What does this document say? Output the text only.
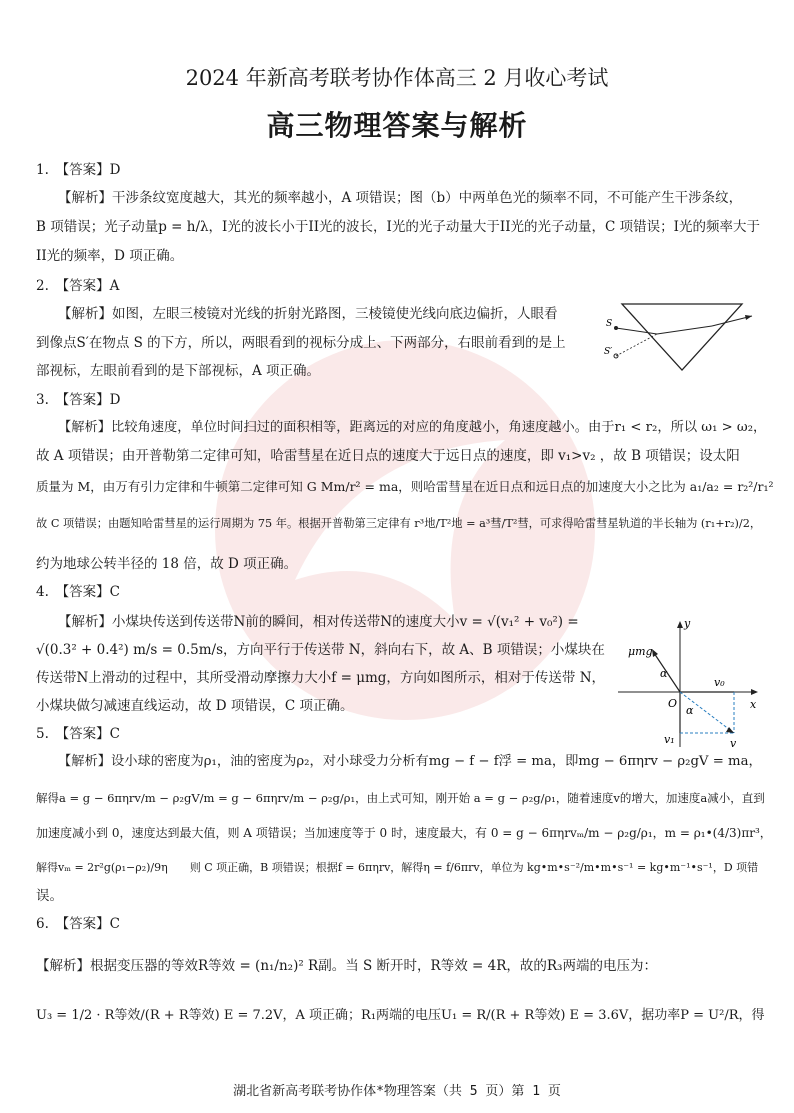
2024 年新高考联考协作体高三 2 月收心考试
高三物理答案与解析
1.　【答案】D
【解析】干涉条纹宽度越大，其光的频率越小，A 项错误；图（b）中两单色光的频率不同，不可能产生干涉条纹，
B 项错误；光子动量p = h/λ，I光的波长小于II光的波长，I光的光子动量大于II光的光子动量，C 项错误；I光的频率大于
II光的频率，D 项正确。
2.　【答案】A
【解析】如图，左眼三棱镜对光线的折射光路图，三棱镜使光线向底边偏折，人眼看
到像点S′在物点 S 的下方，所以，两眼看到的视标分成上、下两部分，右眼前看到的是上
部视标，左眼前看到的是下部视标，A 项正确。
S
S′
3.　【答案】D
【解析】比较角速度，单位时间扫过的面积相等，距离远的对应的角度越小，角速度越小。由于r₁ < r₂，所以 ω₁ > ω₂，
故 A 项错误；由开普勒第二定律可知，哈雷彗星在近日点的速度大于远日点的速度，即 v₁>v₂ ，故 B 项错误；设太阳
质量为 M，由万有引力定律和牛顿第二定律可知 G Mm/r² = ma，则哈雷彗星在近日点和远日点的加速度大小之比为 a₁/a₂ = r₂²/r₁²
故 C 项错误；由题知哈雷彗星的运行周期为 75 年。根据开普勒第三定律有 r³地/T²地 = a³彗/T²彗，可求得哈雷彗星轨道的半长轴为 (r₁+r₂)/2，
约为地球公转半径的 18 倍，故 D 项正确。
4.　【答案】C
【解析】小煤块传送到传送带N前的瞬间，相对传送带N的速度大小v = √(v₁² + v₀²) =
√(0.3² + 0.4²) m/s = 0.5m/s，方向平行于传送带 N，斜向右下，故 A、B 项错误；小煤块在
传送带N上滑动的过程中，其所受滑动摩擦力大小f = μmg，方向如图所示，相对于传送带 N，
小煤块做匀减速直线运动，故 D 项错误，C 项正确。
y
x
O
v₀
v₁	v
α
α
μmg
5.　【答案】C
【解析】设小球的密度为ρ₁，油的密度为ρ₂，对小球受力分析有mg − f − f浮 = ma，即mg − 6πηrv − ρ₂gV = ma，
解得a = g − 6πηrv/m − ρ₂gV/m = g − 6πηrv/m − ρ₂g/ρ₁，由上式可知，刚开始 a = g − ρ₂g/ρ₁，随着速度v的增大，加速度a减小，直到
加速度减小到 0，速度达到最大值，则 A 项错误；当加速度等于 0 时，速度最大，有 0 = g − 6πηrvₘ/m − ρ₂g/ρ₁，m = ρ₁•(4/3)πr³，
解得vₘ = 2r²g(ρ₁−ρ₂)/9η　　则 C 项正确，B 项错误；根据f = 6πηrv，解得η = f/6πrv，单位为 kg•m•s⁻²/m•m•s⁻¹ = kg•m⁻¹•s⁻¹，D 项错
误。
6.　【答案】C
【解析】根据变压器的等效R等效 = (n₁/n₂)² R副。当 S 断开时，R等效 = 4R，故的R₃两端的电压为：
U₃ = 1/2 · R等效/(R + R等效) E = 7.2V，A 项正确；R₁两端的电压U₁ = R/(R + R等效) E = 3.6V，据功率P = U²/R，得
湖北省新高考联考协作体*物理答案（共 5 页）第 1 页
